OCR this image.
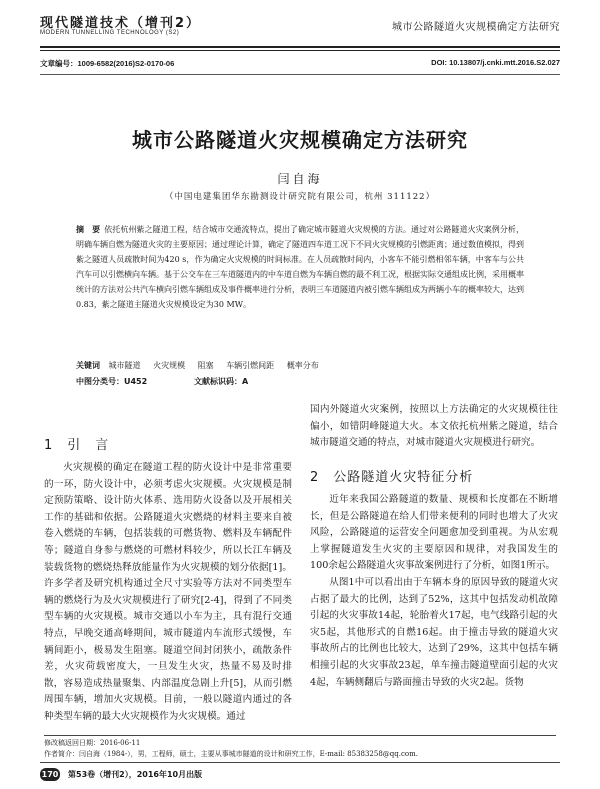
现代隧道技术（增刊2）
MODERN TUNNELLING TECHNOLOGY (S2)	城市公路隧道火灾规模确定方法研究
文章编号：1009-6582(2016)S2-0170-06	DOI: 10.13807/j.cnki.mtt.2016.S2.027
城市公路隧道火灾规模确定方法研究
闫自海
（中国电建集团华东勘测设计研究院有限公司，杭州 311122）
摘　要 依托杭州紫之隧道工程，结合城市交通流特点，提出了确定城市隧道火灾规模的方法。通过对公路隧道火灾案例分析，明确车辆自燃为隧道火灾的主要原因；通过理论计算，确定了隧道四车道工况下不同火灾规模的引燃距离；通过数值模拟，得到紫之隧道人员疏散时间为420 s，作为确定火灾规模的时间标准。在人员疏散时间内，小客车不能引燃相邻车辆，中客车与公共汽车可以引燃横向车辆。基于公交车在三车道隧道内的中车道自燃为车辆自燃的最不利工况，根据实际交通组成比例，采用概率统计的方法对公共汽车横向引燃车辆组成及事件概率进行分析，表明三车道隧道内被引燃车辆组成为两辆小车的概率较大，达到0.83，紫之隧道主隧道火灾规模设定为30 MW。
关键词 城市隧道 火灾规模 阻塞 车辆引燃间距 概率分布
中图分类号：U452	文献标识码：A
1　引　言

火灾规模的确定在隧道工程的防火设计中是非常重要的一环，防火设计中，必须考虑火灾规模。火灾规模是制定预防策略、设计防火体系、选用防火设备以及开展相关工作的基础和依据。公路隧道火灾燃烧的材料主要来自被卷入燃烧的车辆，包括装载的可燃货物、燃料及车辆配件等；隧道自身参与燃烧的可燃材料较少，所以长江车辆及装载货物的燃烧热释放能量作为火灾规模的划分依据[1]。许多学者及研究机构通过全尺寸实验等方法对不同类型车辆的燃烧行为及火灾规模进行了研究[2-4]，得到了不同类型车辆的火灾规模。城市交通以小车为主，具有混行交通特点，早晚交通高峰期间，城市隧道内车流形式缓慢，车辆间距小，极易发生阻塞。隧道空间封闭狭小，疏散条件差，火灾荷载密度大，一旦发生火灾，热量不易及时排散，容易造成热量聚集、内部温度急剧上升[5]，从而引燃周围车辆，增加火灾规模。目前，一般以隧道内通过的各种类型车辆的最大火灾规模作为火灾规模。通过

国内外隧道火灾案例，按照以上方法确定的火灾规模往往偏小，如错阴峰隧道大火。本文依托杭州紫之隧道，结合城市隧道交通的特点，对城市隧道火灾规模进行研究。

2　公路隧道火灾特征分析

近年来我国公路隧道的数量、规模和长度都在不断增长，但是公路隧道在给人们带来便利的同时也增大了火灾风险，公路隧道的运营安全问题愈加受到重视。为从宏观上掌握隧道发生火灾的主要原因和规律，对我国发生的100余起公路隧道火灾事故案例进行了分析，如图1所示。

从图1中可以看出由于车辆本身的原因导致的隧道火灾占据了最大的比例，达到了52%，这其中包括发动机故障引起的火灾事故14起，轮胎着火17起，电气线路引起的火灾5起，其他形式的自燃16起。由于撞击导致的隧道火灾事故所占的比例也比较大，达到了29%，这其中包括车辆相撞引起的火灾事故23起，单车撞击隧道壁面引起的火灾4起，车辆侧翻后与路面撞击导致的火灾2起。货物

修改稿返回日期：2016-06-11
作者简介：闫自海（1984-），男，工程师，硕士，主要从事城市隧道的设计和研究工作，E-mail: 85383258@qq.com.
170 第53卷（增刊2），2016年10月出版
